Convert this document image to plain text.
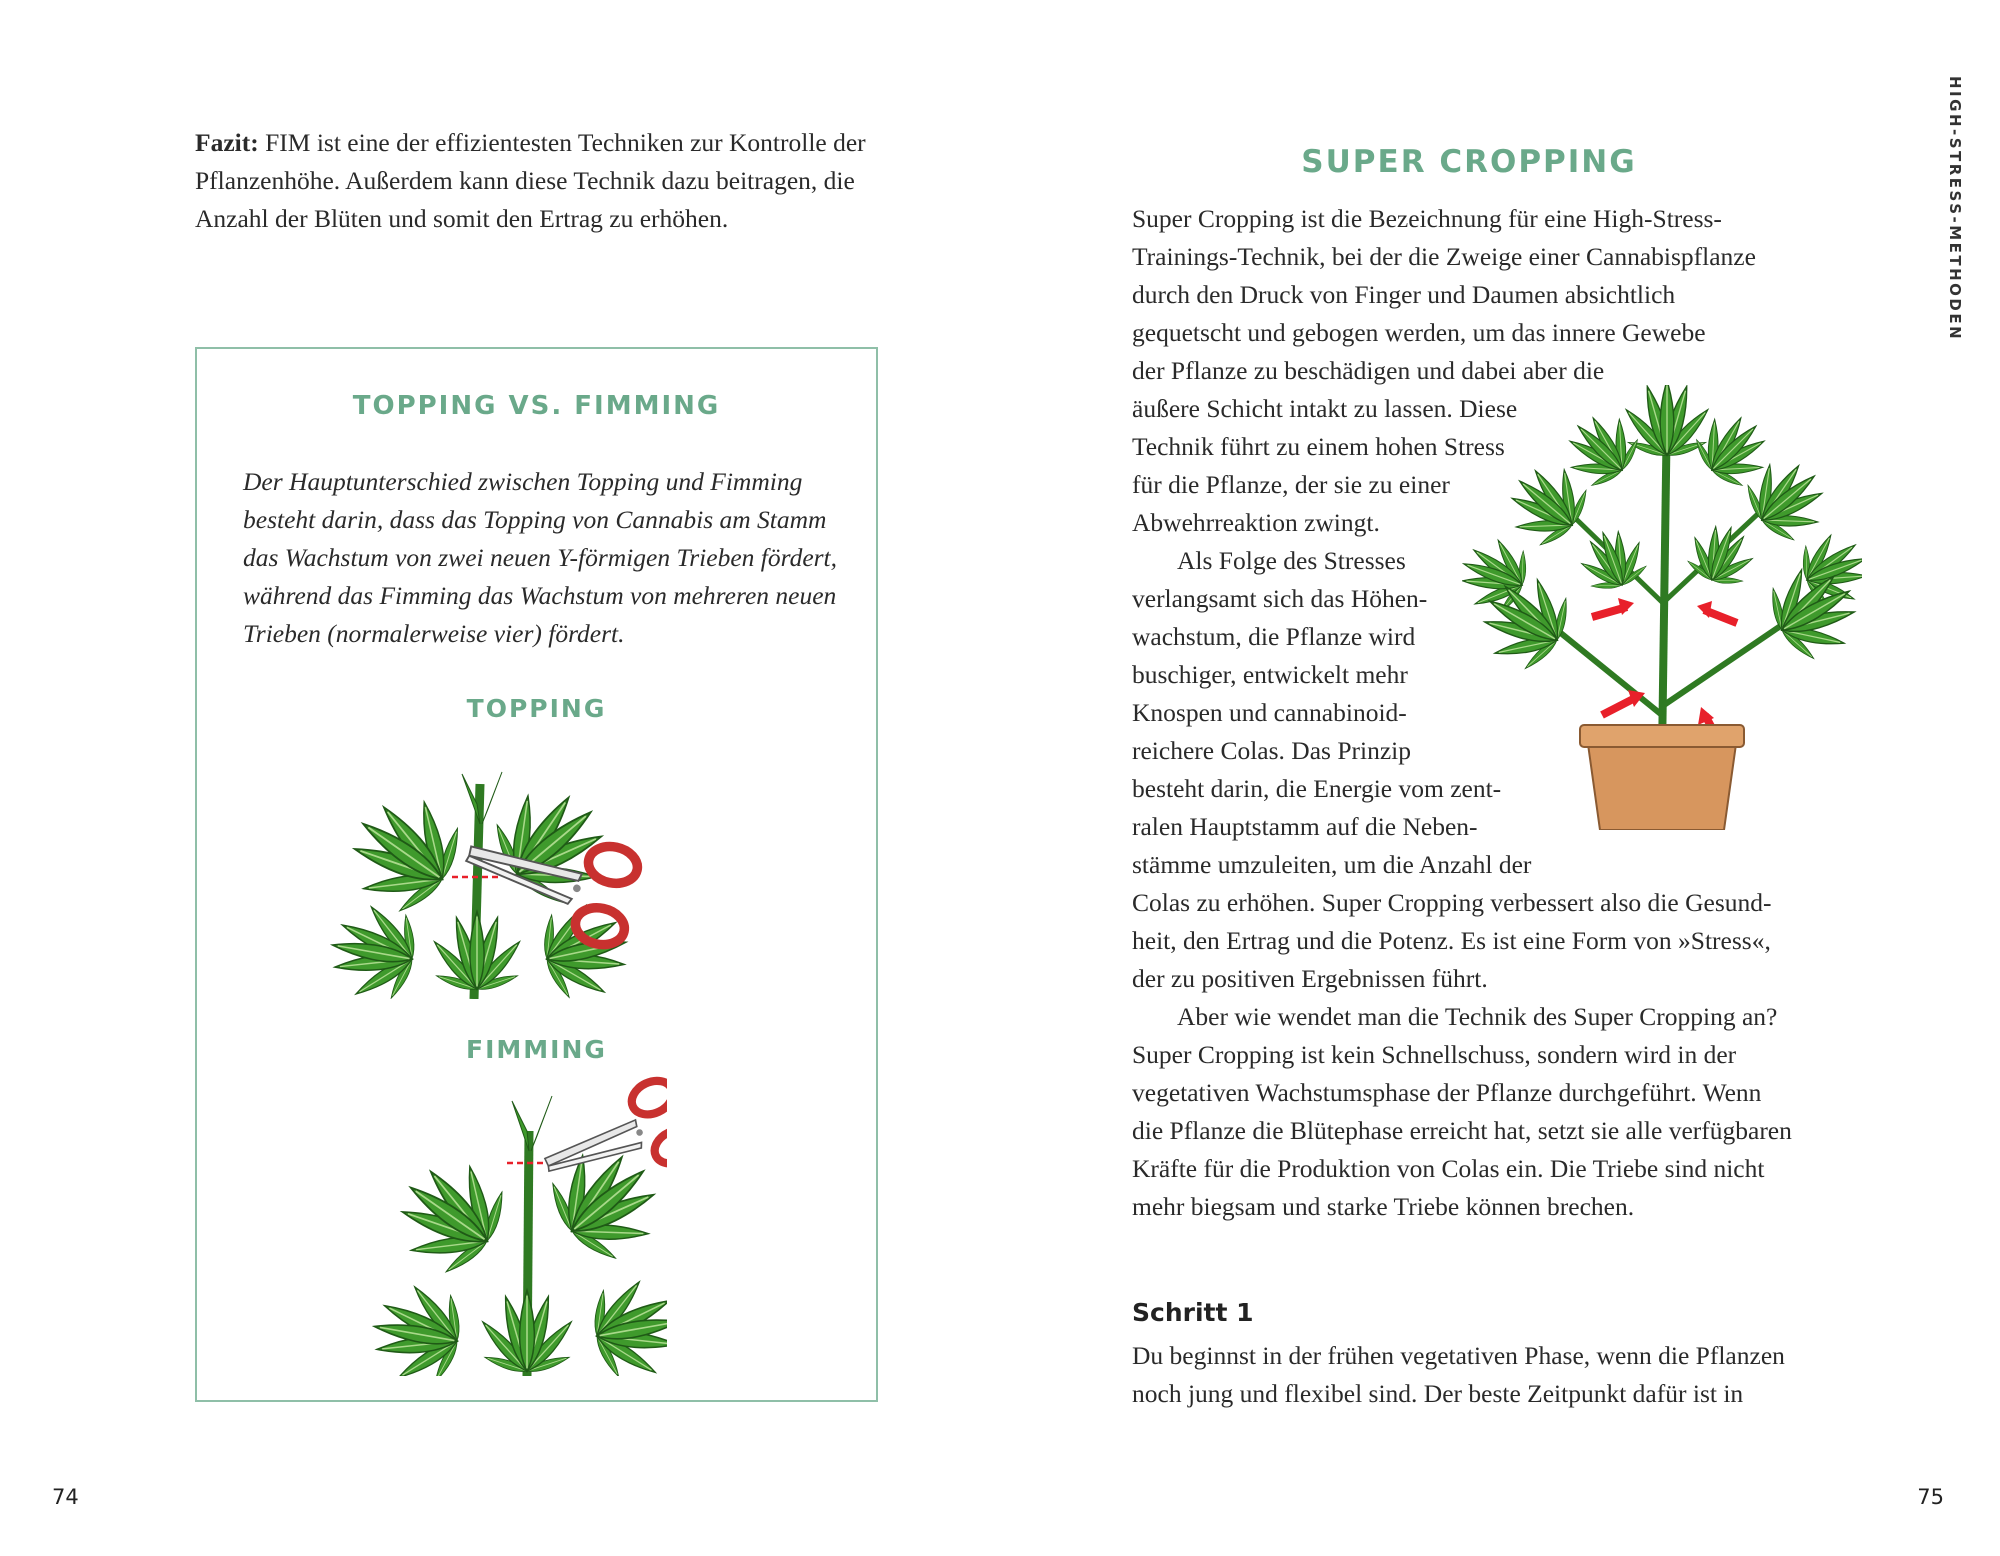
Fazit: FIM ist eine der effizientesten Techniken zur Kontrolle der Pflanzenhöhe. Außerdem kann diese Technik dazu beitragen, die Anzahl der Blüten und somit den Ertrag zu erhöhen.

TOPPING VS. FIMMING

Der Hauptunterschied zwischen Topping und Fimming besteht darin, dass das Topping von Cannabis am Stamm das Wachstum von zwei neuen Y-förmigen Trieben fördert, während das Fimming das Wachstum von mehreren neuen Trieben (normalerweise vier) fördert.

TOPPING
FIMMING
74
HIGH-STRESS-METHODEN
SUPER CROPPING
Super Cropping ist die Bezeichnung für eine High-Stress-
Trainings-Technik, bei der die Zweige einer Cannabispflanze
durch den Druck von Finger und Daumen absichtlich
gequetscht und gebogen werden, um das innere Gewebe
der Pflanze zu beschädigen und dabei aber die
äußere Schicht intakt zu lassen. Diese
Technik führt zu einem hohen Stress
für die Pflanze, der sie zu einer
Abwehrreaktion zwingt.
Als Folge des Stresses
verlangsamt sich das Höhen-
wachstum, die Pflanze wird
buschiger, entwickelt mehr
Knospen und cannabinoid-
reichere Colas. Das Prinzip
besteht darin, die Energie vom zent-
ralen Hauptstamm auf die Neben-
stämme umzuleiten, um die Anzahl der
Colas zu erhöhen. Super Cropping verbessert also die Gesund-
heit, den Ertrag und die Potenz. Es ist eine Form von »Stress«,
der zu positiven Ergebnissen führt.
Aber wie wendet man die Technik des Super Cropping an?
Super Cropping ist kein Schnellschuss, sondern wird in der
vegetativen Wachstumsphase der Pflanze durchgeführt. Wenn
die Pflanze die Blütephase erreicht hat, setzt sie alle verfügbaren
Kräfte für die Produktion von Colas ein. Die Triebe sind nicht
mehr biegsam und starke Triebe können brechen.
Schritt 1
Du beginnst in der frühen vegetativen Phase, wenn die Pflanzen
noch jung und flexibel sind. Der beste Zeitpunkt dafür ist in
75
